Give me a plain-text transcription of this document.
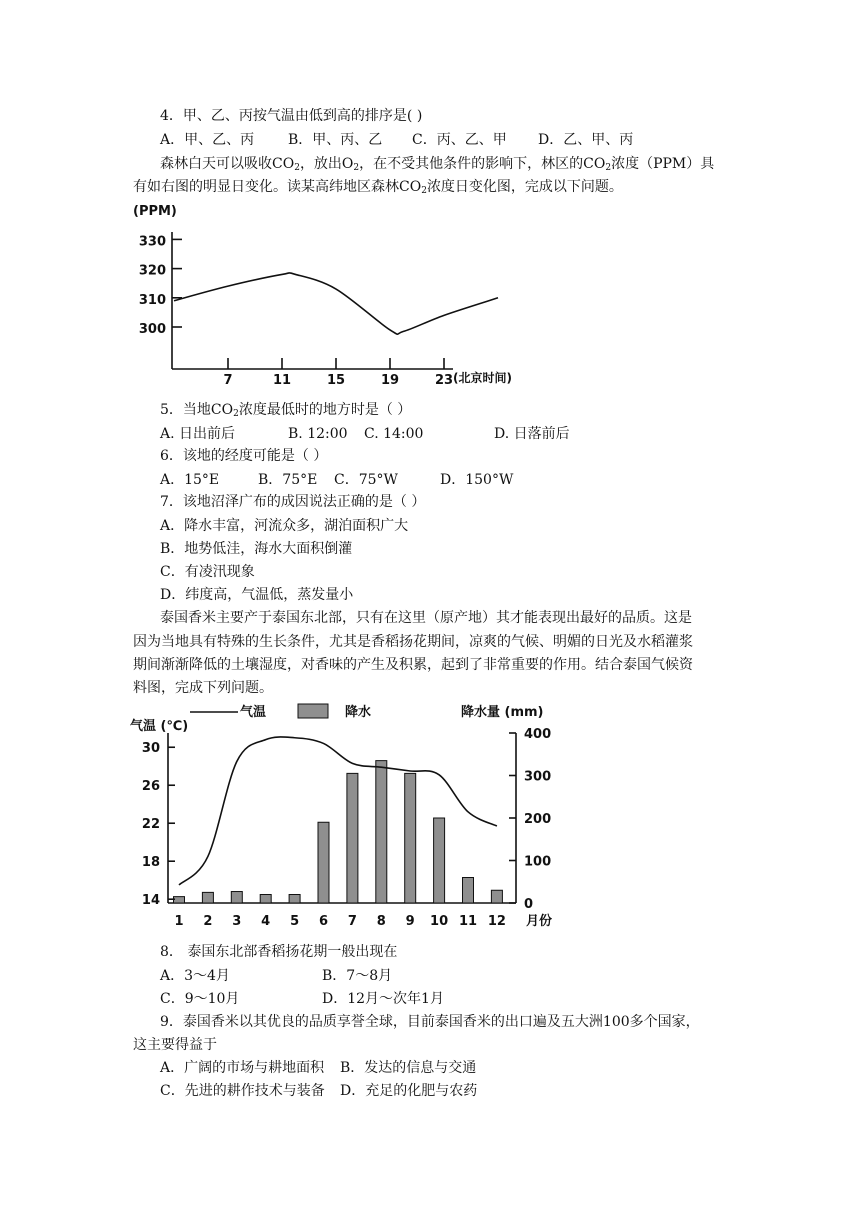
4．甲、乙、丙按气温由低到高的排序是( )
A．甲、乙、丙 B．甲、丙、乙 C．丙、乙、甲 D．乙、甲、丙
森林白天可以吸收$CO_2$，放出$O_2$，在不受其他条件的影响下，林区的$CO_2$浓度（PPM）具
有如右图的明显日变化。读某高纬地区森林$CO_2$浓度日变化图，完成以下问题。
(PPM)
(北京时间)
7	11	15	19	23
300
310
320
330
5．当地$CO_2$浓度最低时的地方时是（ ）
A. 日出前后	B. 12:00 C. 14:00	D. 日落前后
6．该地的经度可能是（ ）
A．15°E	B．75°E C．75°W	D．150°W
7．该地沼泽广布的成因说法正确的是（ ）
A．降水丰富，河流众多，湖泊面积广大
B．地势低洼，海水大面积倒灌
C．有凌汛现象
D．纬度高，气温低，蒸发量小
泰国香米主要产于泰国东北部，只有在这里（原产地）其才能表现出最好的品质。这是
因为当地具有特殊的生长条件，尤其是香稻扬花期间，凉爽的气候、明媚的日光及水稻灌浆
期间渐渐降低的土壤湿度，对香味的产生及积累，起到了非常重要的作用。结合泰国气候资
料图，完成下列问题。
气温	降水
气温 (℃)
降水量 (mm)
1 2 3 4 5 6 7 8 9 10 11 12
14
18
22
26
30
0
100
200
300
400
月份
8． 泰国东北部香稻扬花期一般出现在
A．3～4月	B．7～8月
C．9～10月	D．12月～次年1月
9．泰国香米以其优良的品质享誉全球，目前泰国香米的出口遍及五大洲100多个国家，
这主要得益于
A．广阔的市场与耕地面积 B．发达的信息与交通
C．先进的耕作技术与装备 D．充足的化肥与农药
